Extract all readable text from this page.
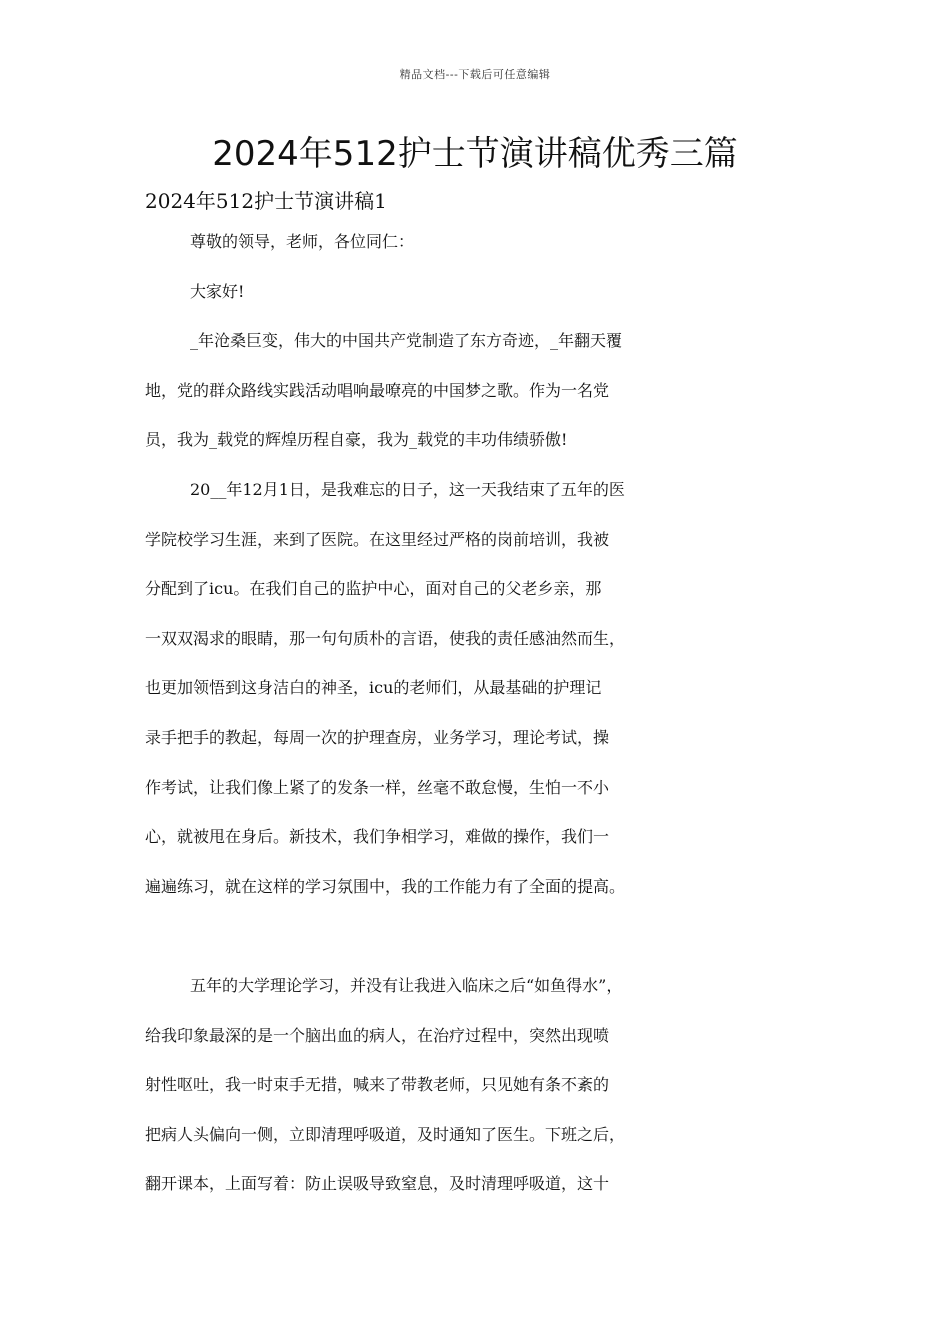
精品文档---下载后可任意编辑
2024年512护士节演讲稿优秀三篇
2024年512护士节演讲稿1
尊敬的领导，老师，各位同仁：
大家好!
_年沧桑巨变，伟大的中国共产党制造了东方奇迹，_年翻天覆
地，党的群众路线实践活动唱响最嘹亮的中国梦之歌。作为一名党
员，我为_载党的辉煌历程自豪，我为_载党的丰功伟绩骄傲!
20__年12月1日，是我难忘的日子，这一天我结束了五年的医
学院校学习生涯，来到了医院。在这里经过严格的岗前培训，我被
分配到了icu。在我们自己的监护中心，面对自己的父老乡亲，那
一双双渴求的眼睛，那一句句质朴的言语，使我的责任感油然而生，
也更加领悟到这身洁白的神圣，icu的老师们，从最基础的护理记
录手把手的教起，每周一次的护理查房，业务学习，理论考试，操
作考试，让我们像上紧了的发条一样，丝毫不敢怠慢，生怕一不小
心，就被甩在身后。新技术，我们争相学习，难做的操作，我们一
遍遍练习，就在这样的学习氛围中，我的工作能力有了全面的提高。
五年的大学理论学习，并没有让我进入临床之后“如鱼得水”，
给我印象最深的是一个脑出血的病人，在治疗过程中，突然出现喷
射性呕吐，我一时束手无措，喊来了带教老师，只见她有条不紊的
把病人头偏向一侧，立即清理呼吸道，及时通知了医生。下班之后，
翻开课本，上面写着：防止误吸导致窒息，及时清理呼吸道，这十
